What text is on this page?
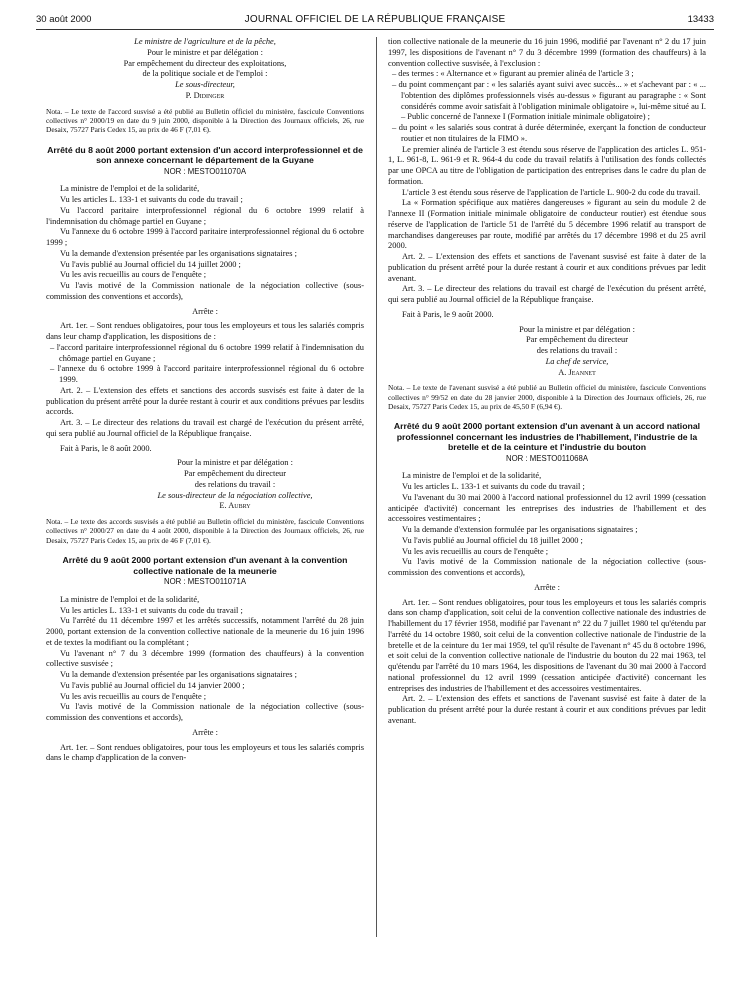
30 août 2000	JOURNAL OFFICIEL DE LA RÉPUBLIQUE FRANÇAISE	13433

Le ministre de l'agriculture et de la pêche,

Pour le ministre et par délégation :

Par empêchement du directeur des exploitations,

de la politique sociale et de l'emploi :

Le sous-directeur,

P. Didinger

Nota. – Le texte de l'accord susvisé a été publié au Bulletin officiel du ministère, fascicule Conventions collectives n° 2000/19 en date du 9 juin 2000, disponible à la Direction des Journaux officiels, 26, rue Desaix, 75727 Paris Cedex 15, au prix de 46 F (7,01 €).

Arrêté du 8 août 2000 portant extension d'un accord interprofessionnel et de son annexe concernant le département de la Guyane

NOR : MESTO011070A

La ministre de l'emploi et de la solidarité,

Vu les articles L. 133-1 et suivants du code du travail ;

Vu l'accord paritaire interprofessionnel régional du 6 octobre 1999 relatif à l'indemnisation du chômage partiel en Guyane ;

Vu l'annexe du 6 octobre 1999 à l'accord paritaire interprofessionnel régional du 6 octobre 1999 ;

Vu la demande d'extension présentée par les organisations signataires ;

Vu l'avis publié au Journal officiel du 14 juillet 2000 ;

Vu les avis recueillis au cours de l'enquête ;

Vu l'avis motivé de la Commission nationale de la négociation collective (sous-commission des conventions et accords),

Arrête :

Art. 1er. – Sont rendues obligatoires, pour tous les employeurs et tous les salariés compris dans leur champ d'application, les dispositions de :

– l'accord paritaire interprofessionnel régional du 6 octobre 1999 relatif à l'indemnisation du chômage partiel en Guyane ;

– l'annexe du 6 octobre 1999 à l'accord paritaire interprofessionnel régional du 6 octobre 1999.

Art. 2. – L'extension des effets et sanctions des accords susvisés est faite à dater de la publication du présent arrêté pour la durée restant à courir et aux conditions prévues par lesdits accords.

Art. 3. – Le directeur des relations du travail est chargé de l'exécution du présent arrêté, qui sera publié au Journal officiel de la République française.

Fait à Paris, le 8 août 2000.

Pour la ministre et par délégation :

Par empêchement du directeur

des relations du travail :

Le sous-directeur de la négociation collective,

E. Aubry

Nota. – Le texte des accords susvisés a été publié au Bulletin officiel du ministère, fascicule Conventions collectives n° 2000/27 en date du 4 août 2000, disponible à la Direction des Journaux officiels, 26, rue Desaix, 75727 Paris Cedex 15, au prix de 46 F (7,01 €).

Arrêté du 9 août 2000 portant extension d'un avenant à la convention collective nationale de la meunerie

NOR : MESTO011071A

La ministre de l'emploi et de la solidarité,

Vu les articles L. 133-1 et suivants du code du travail ;

Vu l'arrêté du 11 décembre 1997 et les arrêtés successifs, notamment l'arrêté du 28 juin 2000, portant extension de la convention collective nationale de la meunerie du 16 juin 1996 et de textes la modifiant ou la complétant ;

Vu l'avenant n° 7 du 3 décembre 1999 (formation des chauffeurs) à la convention collective susvisée ;

Vu la demande d'extension présentée par les organisations signataires ;

Vu l'avis publié au Journal officiel du 14 janvier 2000 ;

Vu les avis recueillis au cours de l'enquête ;

Vu l'avis motivé de la Commission nationale de la négociation collective (sous-commission des conventions et accords),

Arrête :

Art. 1er. – Sont rendues obligatoires, pour tous les employeurs et tous les salariés compris dans le champ d'application de la conven-

tion collective nationale de la meunerie du 16 juin 1996, modifié par l'avenant n° 2 du 17 juin 1997, les dispositions de l'avenant n° 7 du 3 décembre 1999 (formation des chauffeurs) à la convention collective susvisée, à l'exclusion :

– des termes : « Alternance et » figurant au premier alinéa de l'article 3 ;

– du point commençant par : « les salariés ayant suivi avec succès... » et s'achevant par : « ... l'obtention des diplômes professionnels visés au-dessus » figurant au paragraphe : « Sont considérés comme avoir satisfait à l'obligation minimale obligatoire », lui-même situé au I. – Public concerné de l'annexe I (Formation initiale minimale obligatoire) ;

– du point « les salariés sous contrat à durée déterminée, exerçant la fonction de conducteur routier et non titulaires de la FIMO ».

Le premier alinéa de l'article 3 est étendu sous réserve de l'application des articles L. 951-1, L. 961-8, L. 961-9 et R. 964-4 du code du travail relatifs à l'utilisation des fonds collectés par une OPCA au titre de l'obligation de participation des entreprises dans le cadre du plan de formation.

L'article 3 est étendu sous réserve de l'application de l'article L. 900-2 du code du travail.

La « Formation spécifique aux matières dangereuses » figurant au sein du module 2 de l'annexe II (Formation initiale minimale obligatoire de conducteur routier) est étendue sous réserve de l'application de l'article 51 de l'arrêté du 5 décembre 1996 relatif au transport de marchandises dangereuses par route, modifié par arrêtés du 17 décembre 1998 et du 25 avril 2000.

Art. 2. – L'extension des effets et sanctions de l'avenant susvisé est faite à dater de la publication du présent arrêté pour la durée restant à courir et aux conditions prévues par ledit avenant.

Art. 3. – Le directeur des relations du travail est chargé de l'exécution du présent arrêté, qui sera publié au Journal officiel de la République française.

Fait à Paris, le 9 août 2000.

Pour la ministre et par délégation :

Par empêchement du directeur

des relations du travail :

La chef de service,

A. Jeannet

Nota. – Le texte de l'avenant susvisé a été publié au Bulletin officiel du ministère, fascicule Conventions collectives n° 99/52 en date du 28 janvier 2000, disponible à la Direction des Journaux officiels, 26, rue Desaix, 75727 Paris Cedex 15, au prix de 45,50 F (6,94 €).

Arrêté du 9 août 2000 portant extension d'un avenant à un accord national professionnel concernant les industries de l'habillement, l'industrie de la bretelle et de la ceinture et l'industrie du bouton

NOR : MESTO011068A

La ministre de l'emploi et de la solidarité,

Vu les articles L. 133-1 et suivants du code du travail ;

Vu l'avenant du 30 mai 2000 à l'accord national professionnel du 12 avril 1999 (cessation anticipée d'activité) concernant les entreprises des industries de l'habillement et des accessoires vestimentaires ;

Vu la demande d'extension formulée par les organisations signataires ;

Vu l'avis publié au Journal officiel du 18 juillet 2000 ;

Vu les avis recueillis au cours de l'enquête ;

Vu l'avis motivé de la Commission nationale de la négociation collective (sous-commission des conventions et accords),

Arrête :

Art. 1er. – Sont rendues obligatoires, pour tous les employeurs et tous les salariés compris dans son champ d'application, soit celui de la convention collective nationale des industries de l'habillement du 17 février 1958, modifié par l'avenant n° 22 du 7 juillet 1980 tel qu'étendu par l'arrêté du 14 octobre 1980, soit celui de la convention collective nationale de l'industrie de la bretelle et de la ceinture du 1er mai 1959, tel qu'il résulte de l'avenant n° 45 du 8 octobre 1996, et soit celui de la convention collective nationale de l'industrie du bouton du 22 mai 1963, tel qu'étendu par l'arrêté du 10 mars 1964, les dispositions de l'avenant du 30 mai 2000 à l'accord national professionnel du 12 avril 1999 (cessation anticipée d'activité) concernant les entreprises des industries de l'habillement et des accessoires vestimentaires.

Art. 2. – L'extension des effets et sanctions de l'avenant susvisé est faite à dater de la publication du présent arrêté pour la durée restant à courir et aux conditions prévues par ledit avenant.
